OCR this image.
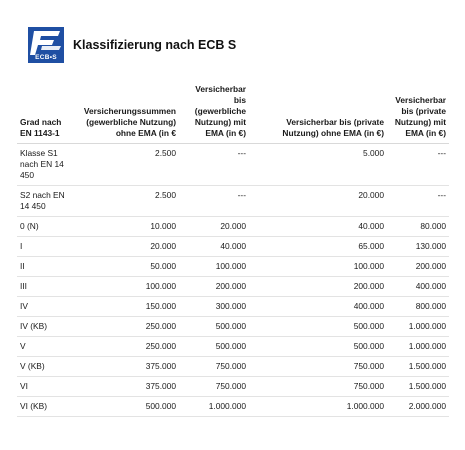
ECB•S
Klassifizierung nach ECB S
Grad nach EN 1143-1	Versicherungssummen (gewerbliche Nutzung) ohne EMA (in €	Versicherbar bis (gewerbliche Nutzung) mit EMA (in €)	Versicherbar bis (private Nutzung) ohne EMA (in €)	Versicherbar bis (private Nutzung) mit EMA (in €)
Klasse S1 nach EN 14 450	2.500	---	5.000	---
S2 nach EN 14 450	2.500	---	20.000	---
0 (N)	10.000	20.000	40.000	80.000
I	20.000	40.000	65.000	130.000
II	50.000	100.000	100.000	200.000
III	100.000	200.000	200.000	400.000
IV	150.000	300.000	400.000	800.000
IV (KB)	250.000	500.000	500.000	1.000.000
V	250.000	500.000	500.000	1.000.000
V (KB)	375.000	750.000	750.000	1.500.000
VI	375.000	750.000	750.000	1.500.000
VI (KB)	500.000	1.000.000	1.000.000	2.000.000
